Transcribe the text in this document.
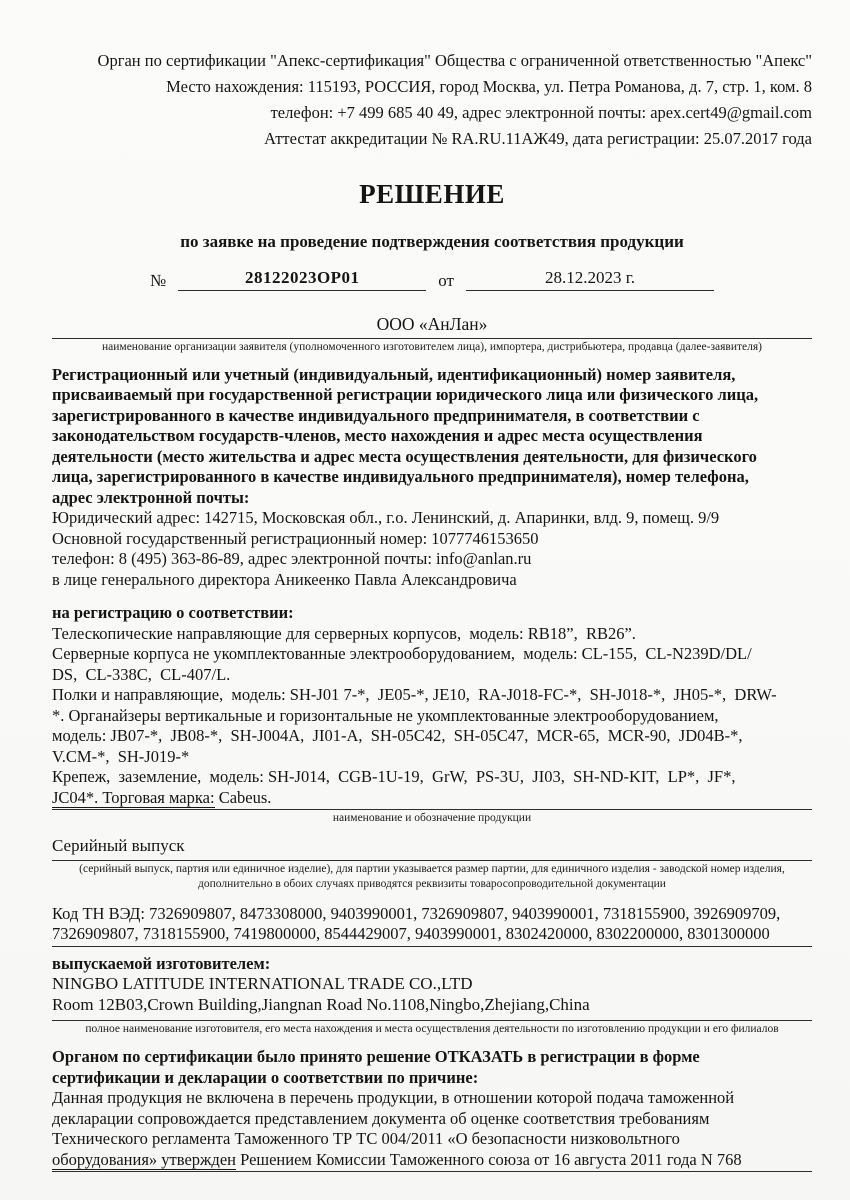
Орган по сертификации "Апекс-сертификация" Общества с ограниченной ответственностью "Апекс"
Место нахождения: 115193, РОССИЯ, город Москва, ул. Петра Романова, д. 7, стр. 1, ком. 8
телефон: +7 499 685 40 49, адрес электронной почты: apex.cert49@gmail.com
Аттестат аккредитации № RA.RU.11АЖ49, дата регистрации: 25.07.2017 года
РЕШЕНИЕ
по заявке на проведение подтверждения соответствия продукции
№	28122023ОР01	от	28.12.2023 г.
ООО «АнЛан»
наименование организации заявителя (уполномоченного изготовителем лица), импортера, дистрибьютера, продавца (далее-заявителя)
Регистрационный или учетный (индивидуальный, идентификационный) номер заявителя,
присваиваемый при государственной регистрации юридического лица или физического лица,
зарегистрированного в качестве индивидуального предпринимателя, в соответствии с
законодательством государств-членов, место нахождения и адрес места осуществления
деятельности (место жительства и адрес места осуществления деятельности, для физического
лица, зарегистрированного в качестве индивидуального предпринимателя), номер телефона,
адрес электронной почты:
Юридический адрес: 142715, Московская обл., г.о. Ленинский, д. Апаринки, влд. 9, помещ. 9/9
Основной государственный регистрационный номер: 1077746153650
телефон: 8 (495) 363-86-89, адрес электронной почты: info@anlan.ru
в лице генерального директора Аникеенко Павла Александровича
на регистрацию о соответствии:
Телескопические направляющие для серверных корпусов,  модель: RB18”,  RB26”.
Серверные корпуса не укомплектованные электрооборудованием,  модель: CL-155,  CL-N239D/DL/
DS,  CL-338C,  CL-407/L.
Полки и направляющие,  модель: SH-J01 7-*,  JE05-*, JE10,  RA-J018-FC-*,  SH-J018-*,  JH05-*,  DRW-
*. Органайзеры вертикальные и горизонтальные не укомплектованные электрооборудованием,
модель: JB07-*,  JB08-*,  SH-J004A,  JI01-A,  SH-05C42,  SH-05C47,  MCR-65,  MCR-90,  JD04B-*,
V.CM-*,  SH-J019-*
Крепеж,  заземление,  модель: SH-J014,  CGB-1U-19,  GrW,  PS-3U,  JI03,  SH-ND-KIT,  LP*,  JF*,
JC04*. Торговая марка: Cabeus.
наименование и обозначение продукции
Серийный выпуск
(серийный выпуск, партия или единичное изделие), для партии указывается размер партии, для единичного изделия - заводской номер изделия,
дополнительно в обоих случаях приводятся реквизиты товаросопроводительной документации
Код ТН ВЭД: 7326909807, 8473308000, 9403990001, 7326909807, 9403990001, 7318155900, 3926909709,
7326909807, 7318155900, 7419800000, 8544429007, 9403990001, 8302420000, 8302200000, 8301300000
выпускаемой изготовителем:
NINGBO LATITUDE INTERNATIONAL TRADE CO.,LTD
Room 12B03,Crown Building,Jiangnan Road No.1108,Ningbo,Zhejiang,China
полное наименование изготовителя, его места нахождения и места осуществления деятельности по изготовлению продукции и его филиалов
Органом по сертификации было принято решение ОТКАЗАТЬ в регистрации в форме
сертификации и декларации о соответствии по причине:
Данная продукция не включена в перечень продукции, в отношении которой подача таможенной
декларации сопровождается представлением документа об оценке соответствия требованиям
Технического регламента Таможенного ТР ТС 004/2011 «О безопасности низковольтного
оборудования» утвержден Решением Комиссии Таможенного союза от 16 августа 2011 года N 768
